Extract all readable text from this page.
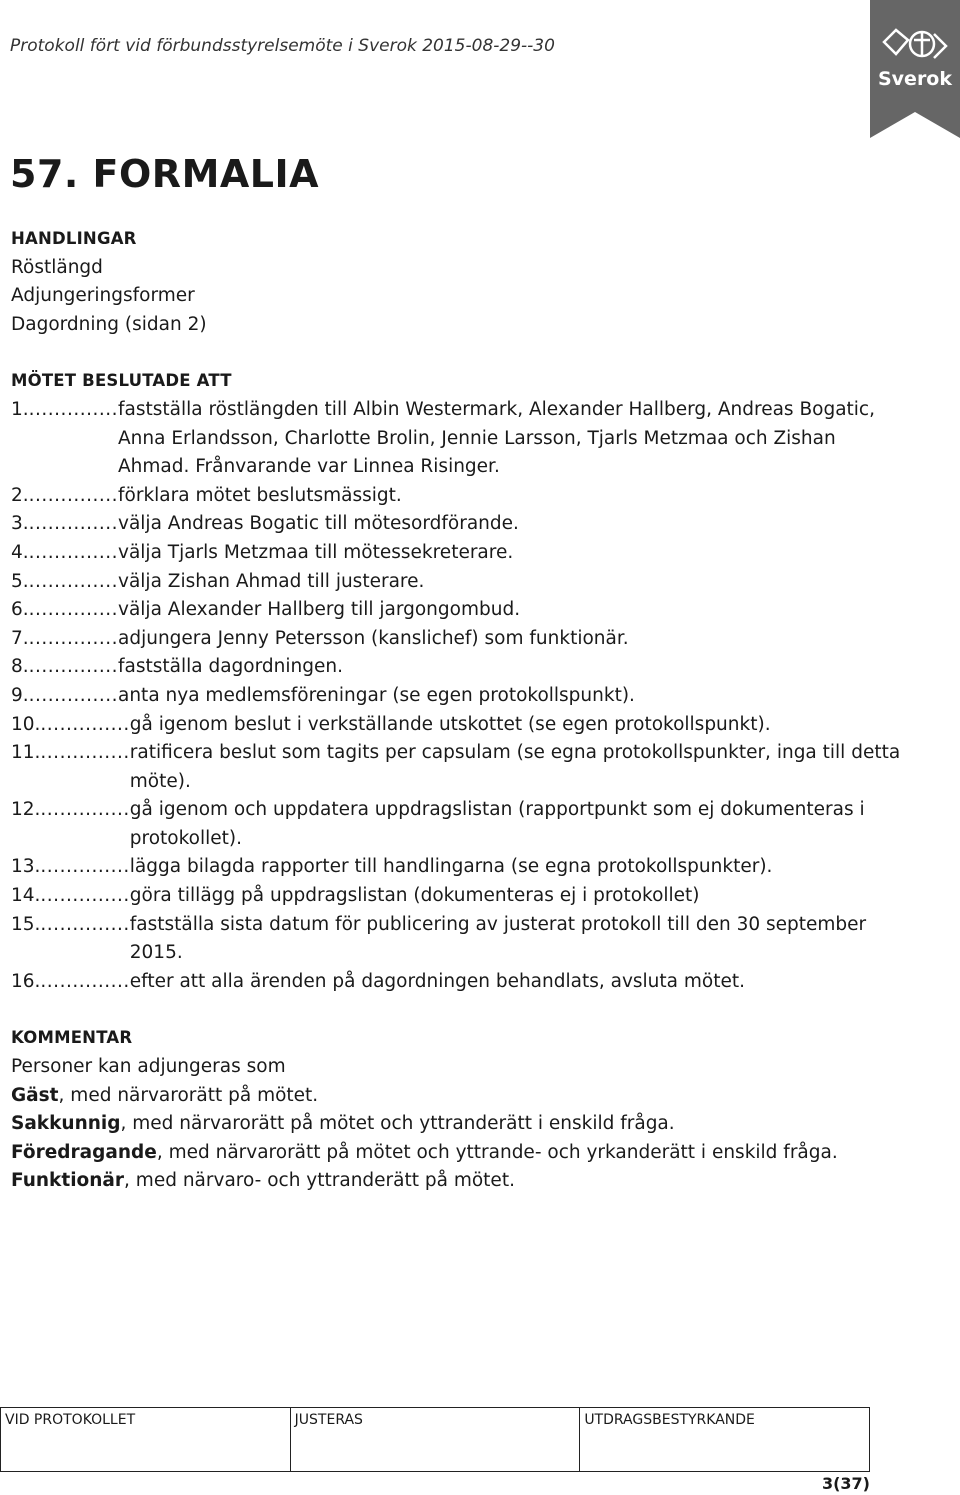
Protokoll fört vid förbundsstyrelsemöte i Sverok 2015-08-29--30
Sverok
57. FORMALIA
HANDLINGAR
Röstlängd
Adjungeringsformer
Dagordning (sidan 2)
MÖTET BESLUTADE ATT
1............... fastställa röstlängden till Albin Westermark, Alexander Hallberg, Andreas Bogatic, Anna Erlandsson, Charlotte Brolin, Jennie Larsson, Tjarls Metzmaa och Zishan Ahmad. Frånvarande var Linnea Risinger.
2............... förklara mötet beslutsmässigt.
3............... välja Andreas Bogatic till mötesordförande.
4............... välja Tjarls Metzmaa till mötessekreterare.
5............... välja Zishan Ahmad till justerare.
6............... välja Alexander Hallberg till jargongombud.
7............... adjungera Jenny Petersson (kanslichef) som funktionär.
8............... fastställa dagordningen.
9............... anta nya medlemsföreningar (se egen protokollspunkt).
10............... gå igenom beslut i verkställande utskottet (se egen protokollspunkt).
11............... ratificera beslut som tagits per capsulam (se egna protokollspunkter, inga till detta möte).
12............... gå igenom och uppdatera uppdragslistan (rapportpunkt som ej dokumenteras i protokollet).
13............... lägga bilagda rapporter till handlingarna (se egna protokollspunkter).
14............... göra tillägg på uppdragslistan (dokumenteras ej i protokollet)
15............... fastställa sista datum för publicering av justerat protokoll till den 30 september 2015.
16............... efter att alla ärenden på dagordningen behandlats, avsluta mötet.
KOMMENTAR
Personer kan adjungeras som
Gäst, med närvarorätt på mötet.
Sakkunnig, med närvarorätt på mötet och yttranderätt i enskild fråga.
Föredragande, med närvarorätt på mötet och yttrande- och yrkanderätt i enskild fråga.
Funktionär, med närvaro- och yttranderätt på mötet.
VID PROTOKOLLET	JUSTERAS	UTDRAGSBESTYRKANDE
3(37)
